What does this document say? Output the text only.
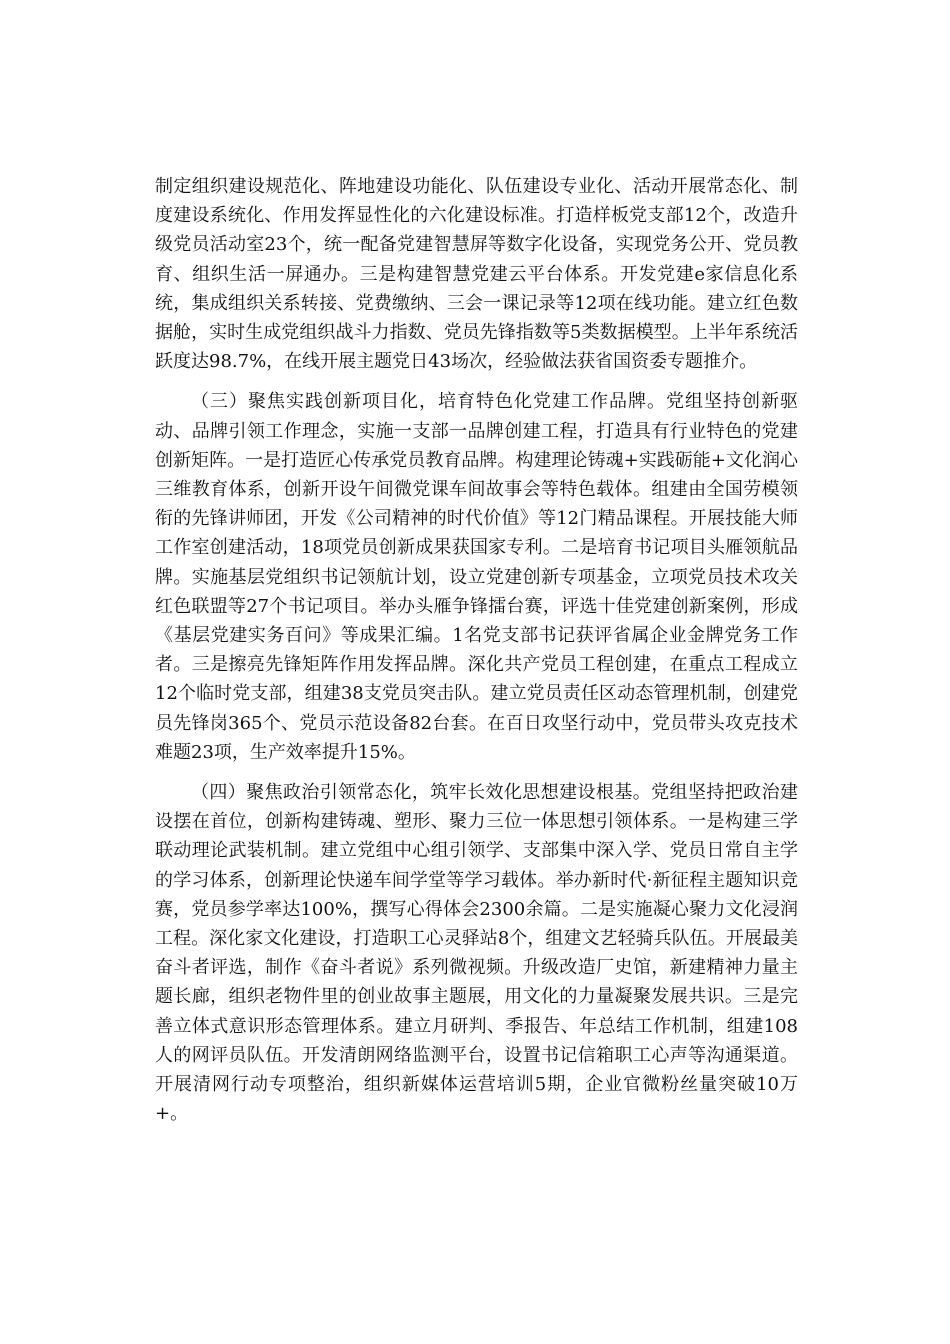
制定组织建设规范化、阵地建设功能化、队伍建设专业化、活动开展常态化、制度建设系统化、作用发挥显性化的六化建设标准。打造样板党支部12个，改造升级党员活动室23个，统一配备党建智慧屏等数字化设备，实现党务公开、党员教育、组织生活一屏通办。三是构建智慧党建云平台体系。开发党建e家信息化系统，集成组织关系转接、党费缴纳、三会一课记录等12项在线功能。建立红色数据舱，实时生成党组织战斗力指数、党员先锋指数等5类数据模型。上半年系统活跃度达98.7%，在线开展主题党日43场次，经验做法获省国资委专题推介。

（三）聚焦实践创新项目化，培育特色化党建工作品牌。党组坚持创新驱动、品牌引领工作理念，实施一支部一品牌创建工程，打造具有行业特色的党建创新矩阵。一是打造匠心传承党员教育品牌。构建理论铸魂+实践砺能+文化润心三维教育体系，创新开设午间微党课车间故事会等特色载体。组建由全国劳模领衔的先锋讲师团，开发《公司精神的时代价值》等12门精品课程。开展技能大师工作室创建活动，18项党员创新成果获国家专利。二是培育书记项目头雁领航品牌。实施基层党组织书记领航计划，设立党建创新专项基金，立项党员技术攻关红色联盟等27个书记项目。举办头雁争锋擂台赛，评选十佳党建创新案例，形成《基层党建实务百问》等成果汇编。1名党支部书记获评省属企业金牌党务工作者。三是擦亮先锋矩阵作用发挥品牌。深化共产党员工程创建，在重点工程成立12个临时党支部，组建38支党员突击队。建立党员责任区动态管理机制，创建党员先锋岗365个、党员示范设备82台套。在百日攻坚行动中，党员带头攻克技术难题23项，生产效率提升15%。

（四）聚焦政治引领常态化，筑牢长效化思想建设根基。党组坚持把政治建设摆在首位，创新构建铸魂、塑形、聚力三位一体思想引领体系。一是构建三学联动理论武装机制。建立党组中心组引领学、支部集中深入学、党员日常自主学的学习体系，创新理论快递车间学堂等学习载体。举办新时代·新征程主题知识竞赛，党员参学率达100%，撰写心得体会2300余篇。二是实施凝心聚力文化浸润工程。深化家文化建设，打造职工心灵驿站8个，组建文艺轻骑兵队伍。开展最美奋斗者评选，制作《奋斗者说》系列微视频。升级改造厂史馆，新建精神力量主题长廊，组织老物件里的创业故事主题展，用文化的力量凝聚发展共识。三是完善立体式意识形态管理体系。建立月研判、季报告、年总结工作机制，组建108人的网评员队伍。开发清朗网络监测平台，设置书记信箱职工心声等沟通渠道。开展清网行动专项整治，组织新媒体运营培训5期，企业官微粉丝量突破10万+。
